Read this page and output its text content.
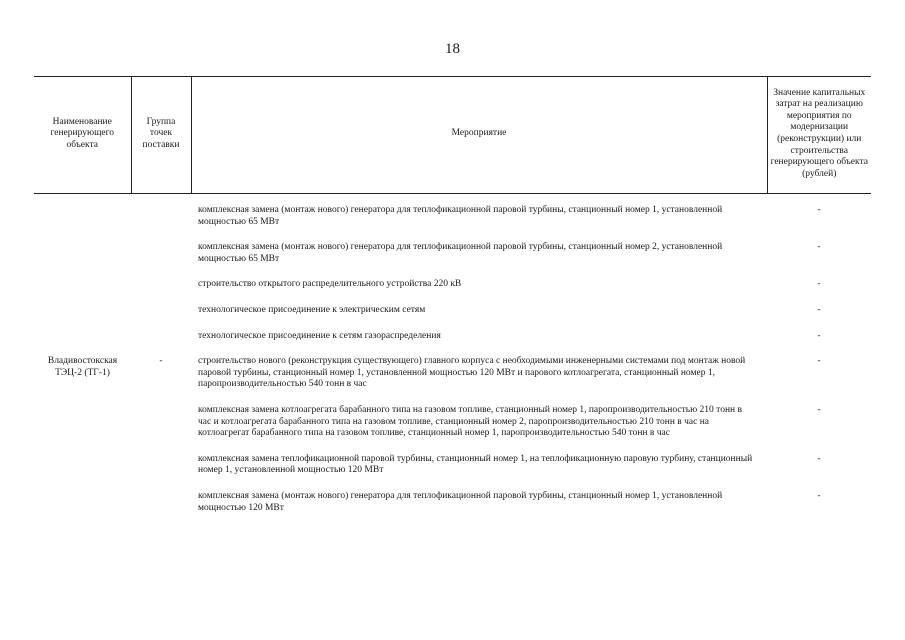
18
Наименование генерирующего объекта	Группа точек поставки	Мероприятие	Значение капитальных затрат на реализацию мероприятия по модернизации (реконструкции) или строительства генерирующего объекта (рублей)

		комплексная замена (монтаж нового) генератора для теплофикационной паровой турбины, станционный номер 1, установленной мощностью 65 МВт	-

		комплексная замена (монтаж нового) генератора для теплофикационной паровой турбины, станционный номер 2, установленной мощностью 65 МВт	-

		строительство открытого распределительного устройства 220 кВ	-

		технологическое присоединение к электрическим сетям	-

		технологическое присоединение к сетям газораспределения	-

Владивостокская ТЭЦ-2 (ТГ-1)	-	строительство нового (реконструкция существующего) главного корпуса с необходимыми инженерными системами под монтаж новой паровой турбины, станционный номер 1, установленной мощностью 120 МВт и парового котлоагрегата, станционный номер 1, паропроизводительностью 540 тонн в час	-

		комплексная замена котлоагрегата барабанного типа на газовом топливе, станционный номер 1, паропроизводительностью 210 тонн в час и котлоагрегата барабанного типа на газовом топливе, станционный номер 2, паропроизводительностью 210 тонн в час на котлоагрегат барабанного типа на газовом топливе, станционный номер 1, паропроизводительностью 540 тонн в час	-

		комплексная замена теплофикационной паровой турбины, станционный номер 1, на теплофикационную паровую турбину, станционный номер 1, установленной мощностью 120 МВт	-

		комплексная замена (монтаж нового) генератора для теплофикационной паровой турбины, станционный номер 1, установленной мощностью 120 МВт	-
